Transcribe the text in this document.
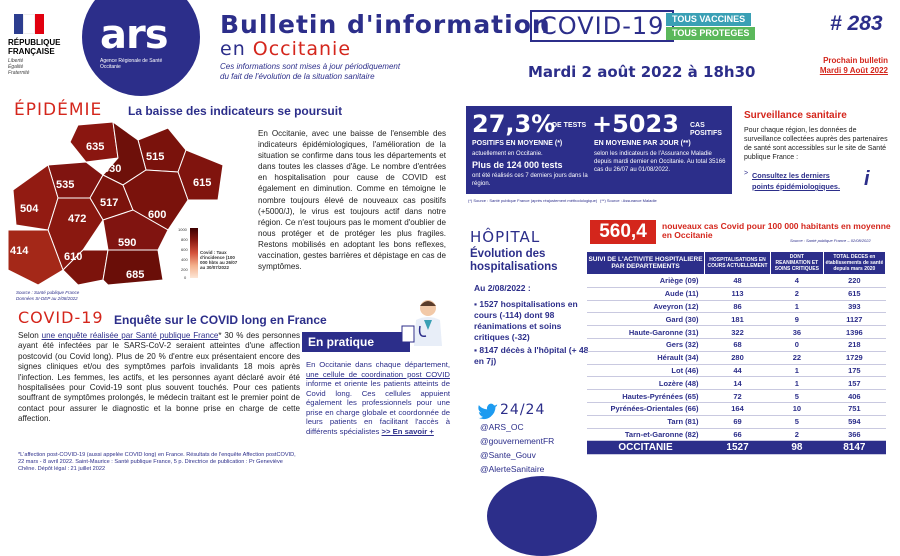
RÉPUBLIQUE
FRANÇAISE
Liberté
Égalité
Fraternité
ars
Agence Régionale de Santé Occitanie
Bulletin d'information
en Occitanie
COVID-19 TOUS VACCINES
TOUS PROTEGES	# 283
Ces informations sont mises à jour périodiquement
du fait de l'évolution de la situation sanitaire	Mardi 2 août 2022 à 18h30
Prochain bulletin
Mardi 9 Août 2022
ÉPIDÉMIE La baisse des indicateurs se poursuit
635
515
630
615
535
504	517
600
472
414
590
610
685
1000
800
600
400
200
0
Covid : Taux d'incidence (100 000 hbts au 26/07 au 30/07/2022
Source : Santé publique France
Données SI-DEP au 2/08/2022
En Occitanie, avec une baisse de l'ensemble des indicateurs épidémiologiques, l'amélioration de la situation se confirme dans tous les départements et dans toutes les classes d'âge. Le nombre d'entrées en hospitalisation pour cause de COVID est également en diminution. Comme en témoigne le nombre toujours élevé de nouveaux cas positifs (+5000/J), le virus est toujours actif dans notre région. Ce n'est toujours pas le moment d'oublier de nous protéger et de protéger les plus fragiles. Restons mobilisés en adoptant les bons reflexes, vaccination, gestes barrières et dépistage en cas de symptômes.
27,3%
DE TESTS
POSITIFS EN MOYENNE (*)
actuellement en Occitanie.
Plus de 124 000 tests
ont été réalisés ces 7 derniers jours dans la région.
+5023 CAS POSITIFS
EN MOYENNE PAR JOUR (**)
selon les indicateurs de l'Assurance Maladie depuis mardi dernier en Occitanie. Au total 35166 cas du 26/07 au 01/08/2022.
(*) Source : Santé publique France (après réajustement méthodologique) (**) Source : Assurance Maladie
Surveillance sanitaire
Pour chaque région, les données de surveillance collectées auprès des partenaires de santé sont accessibles sur le site de Santé publique France :
> Consultez les derniers
points épidémiologiques. i
HÔPITAL
Évolution des hospitalisations
Au 2/08/2022 :
▪ 1527 hospitalisations en cours (-114) dont 98 réanimations et soins critiques (-32)
▪ 8147 décès à l'hôpital (+ 48 en 7j)
560,4	nouveaux cas Covid pour 100 000 habitants en moyenne en Occitanie
Source : Santé publique France – 02/08/2022
SUIVI DE L'ACTIVITE HOSPITALIERE PAR DEPARTEMENTS	HOSPITALISATIONS EN COURS ACTUELLEMENT	DONT REANIMATION ET SOINS CRITIQUES	TOTAL DECES en établissements de santé depuis mars 2020
Ariège (09)	48	4	220
Aude (11)	113	2	615
Aveyron (12)	86	1	393
Gard (30)	181	9	1127
Haute-Garonne (31)	322	36	1396
Gers (32)	68	0	218
Hérault (34)	280	22	1729
Lot (46)	44	1	175
Lozère (48)	14	1	157
Hautes-Pyrénées (65)	72	5	406
Pyrénées-Orientales (66)	164	10	751
Tarn (81)	69	5	594
Tarn-et-Garonne (82)	66	2	366
OCCITANIE	1527	98	8147
COVID-19 Enquête sur le COVID long en France
Selon une enquête réalisée par Santé publique France* 30 % des personnes ayant été infectées par le SARS-CoV-2 seraient atteintes d'une affection postcovid (ou Covid long). Plus de 20 % d'entre eux présentaient encore des signes cliniques et/ou des symptômes parfois invalidants 18 mois après l'infection. Les femmes, les actifs, et les personnes ayant déclaré avoir été hospitalisées pour Covid-19 sont plus souvent touchés. Pour ces patients souffrant de symptômes prolongés, le médecin traitant est le premier point de contact pour assurer le diagnostic et la bonne prise en charge de cette affection.
*L'affection post-COVID-19 (aussi appelée COVID long) en France. Résultats de l'enquête Affection postCOVID, 22 mars - 8 avril 2022. Saint-Maurice : Santé publique France, 5 p. Directrice de publication : Pr Geneviève Chêne. Dépôt légal : 21 juillet 2022
En pratique
En Occitanie dans chaque département, une cellule de coordination post COVID informe et oriente les patients atteints de Covid long. Ces cellules appuient également les professionnels pour une prise en charge globale et coordonnée de leurs patients en facilitant l'accès à différents spécialistes >> En savoir +
24/24
@ARS_OC
@gouvernementFR
@Sante_Gouv
@AlerteSanitaire
